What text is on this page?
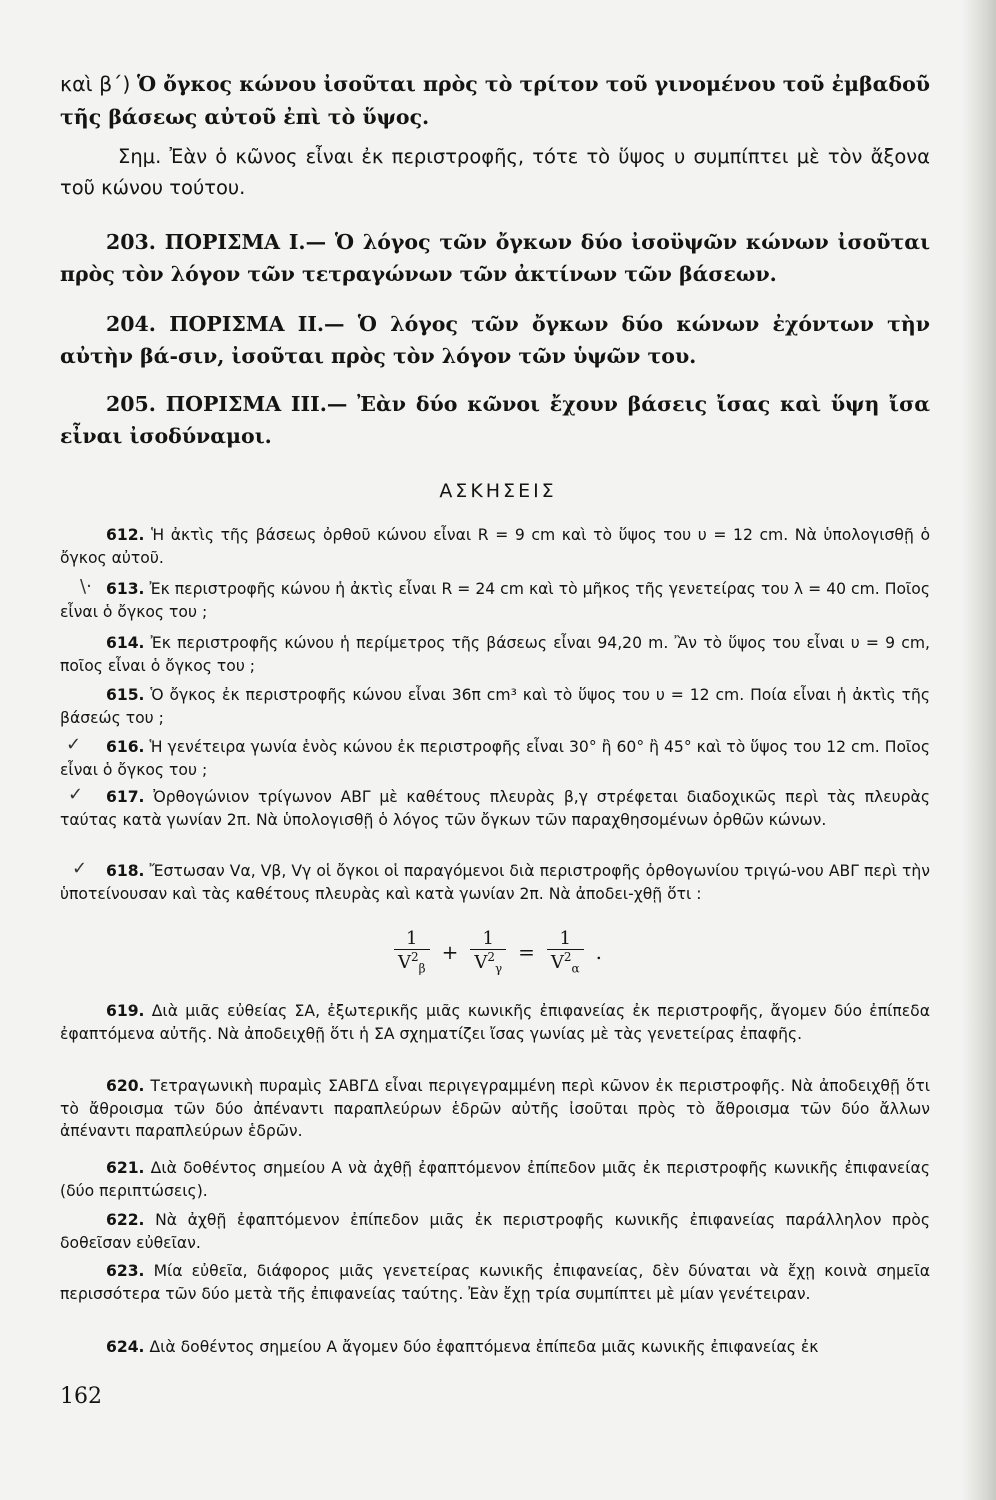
καὶ β΄) Ὁ ὄγκος κώνου ἰσοῦται πρὸς τὸ τρίτον τοῦ γινομένου τοῦ ἐμβαδοῦ τῆς βάσεως αὐτοῦ ἐπὶ τὸ ὕψος.
Σημ. Ἐὰν ὁ κῶνος εἶναι ἐκ περιστροφῆς, τότε τὸ ὕψος υ συμπίπτει μὲ τὸν ἄξονα τοῦ κώνου τούτου.
203. ΠΟΡΙΣΜΑ Ι.— Ὁ λόγος τῶν ὄγκων δύο ἰσοϋψῶν κώνων ἰσοῦται πρὸς τὸν λόγον τῶν τετραγώνων τῶν ἀκτίνων τῶν βάσεων.
204. ΠΟΡΙΣΜΑ ΙΙ.— Ὁ λόγος τῶν ὄγκων δύο κώνων ἐχόντων τὴν αὐτὴν βά-σιν, ἰσοῦται πρὸς τὸν λόγον τῶν ὑψῶν του.
205. ΠΟΡΙΣΜΑ ΙΙΙ.— Ἐὰν δύο κῶνοι ἔχουν βάσεις ἴσας καὶ ὕψη ἴσα εἶναι ἰσοδύναμοι.
ΑΣΚΗΣΕΙΣ
612. Ἡ ἀκτὶς τῆς βάσεως ὀρθοῦ κώνου εἶναι R = 9 cm καὶ τὸ ὕψος του υ = 12 cm. Νὰ ὑπολογισθῇ ὁ ὄγκος αὐτοῦ.
613. Ἐκ περιστροφῆς κώνου ἡ ἀκτὶς εἶναι R = 24 cm καὶ τὸ μῆκος τῆς γενετείρας του λ = 40 cm. Ποῖος εἶναι ὁ ὄγκος του ;
614. Ἐκ περιστροφῆς κώνου ἡ περίμετρος τῆς βάσεως εἶναι 94,20 m. Ἂν τὸ ὕψος του εἶναι υ = 9 cm, ποῖος εἶναι ὁ ὄγκος του ;
615. Ὁ ὄγκος ἐκ περιστροφῆς κώνου εἶναι 36π cm³ καὶ τὸ ὕψος του υ = 12 cm. Ποία εἶναι ἡ ἀκτὶς τῆς βάσεώς του ;
616. Ἡ γενέτειρα γωνία ἑνὸς κώνου ἐκ περιστροφῆς εἶναι 30° ἢ 60° ἢ 45° καὶ τὸ ὕψος του 12 cm. Ποῖος εἶναι ὁ ὄγκος του ;
617. Ὀρθογώνιον τρίγωνον ΑΒΓ μὲ καθέτους πλευρὰς β,γ στρέφεται διαδοχικῶς περὶ τὰς πλευρὰς ταύτας κατὰ γωνίαν 2π. Νὰ ὑπολογισθῇ ὁ λόγος τῶν ὄγκων τῶν παραχθησομένων ὀρθῶν κώνων.
618. Ἔστωσαν Vα, Vβ, Vγ οἱ ὄγκοι οἱ παραγόμενοι διὰ περιστροφῆς ὀρθογωνίου τριγώ-νου ΑΒΓ περὶ τὴν ὑποτείνουσαν καὶ τὰς καθέτους πλευρὰς καὶ κατὰ γωνίαν 2π. Νὰ ἀποδει-χθῇ ὅτι :
$\frac{1}{V^2_\beta} + \frac{1}{V^2_\gamma} = \frac{1}{V^2_\alpha}$ .
619. Διὰ μιᾶς εὐθείας ΣΑ, ἐξωτερικῆς μιᾶς κωνικῆς ἐπιφανείας ἐκ περιστροφῆς, ἄγομεν δύο ἐπίπεδα ἐφαπτόμενα αὐτῆς. Νὰ ἀποδειχθῇ ὅτι ἡ ΣΑ σχηματίζει ἴσας γωνίας μὲ τὰς γενετείρας ἐπαφῆς.
620. Τετραγωνικὴ πυραμὶς ΣΑΒΓΔ εἶναι περιγεγραμμένη περὶ κῶνον ἐκ περιστροφῆς. Νὰ ἀποδειχθῇ ὅτι τὸ ἄθροισμα τῶν δύο ἀπέναντι παραπλεύρων ἑδρῶν αὐτῆς ἰσοῦται πρὸς τὸ ἄθροισμα τῶν δύο ἄλλων ἀπέναντι παραπλεύρων ἑδρῶν.
621. Διὰ δοθέντος σημείου Α νὰ ἀχθῇ ἐφαπτόμενον ἐπίπεδον μιᾶς ἐκ περιστροφῆς κωνικῆς ἐπιφανείας (δύο περιπτώσεις).
622. Νὰ ἀχθῇ ἐφαπτόμενον ἐπίπεδον μιᾶς ἐκ περιστροφῆς κωνικῆς ἐπιφανείας παράλληλον πρὸς δοθεῖσαν εὐθεῖαν.
623. Μία εὐθεῖα, διάφορος μιᾶς γενετείρας κωνικῆς ἐπιφανείας, δὲν δύναται νὰ ἔχῃ κοινὰ σημεῖα περισσότερα τῶν δύο μετὰ τῆς ἐπιφανείας ταύτης. Ἐὰν ἔχῃ τρία συμπίπτει μὲ μίαν γενέτειραν.
624. Διὰ δοθέντος σημείου Α ἄγομεν δύο ἐφαπτόμενα ἐπίπεδα μιᾶς κωνικῆς ἐπιφανείας ἐκ
\·
✓
✓
✓
162
